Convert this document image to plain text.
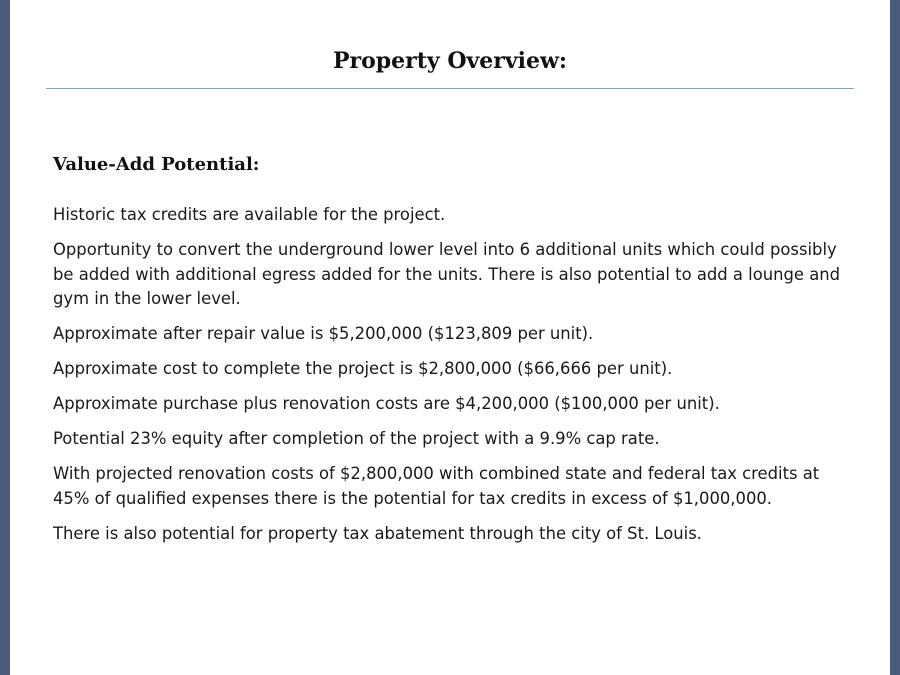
Property Overview:
Value-Add Potential:

Historic tax credits are available for the project.

Opportunity to convert the underground lower level into 6 additional units which could possibly be added with additional egress added for the units. There is also potential to add a lounge and gym in the lower level.

Approximate after repair value is $5,200,000 ($123,809 per unit).

Approximate cost to complete the project is $2,800,000 ($66,666 per unit).

Approximate purchase plus renovation costs are $4,200,000 ($100,000 per unit).

Potential 23% equity after completion of the project with a 9.9% cap rate.

With projected renovation costs of $2,800,000 with combined state and federal tax credits at 45% of qualified expenses there is the potential for tax credits in excess of $1,000,000.

There is also potential for property tax abatement through the city of St. Louis.
